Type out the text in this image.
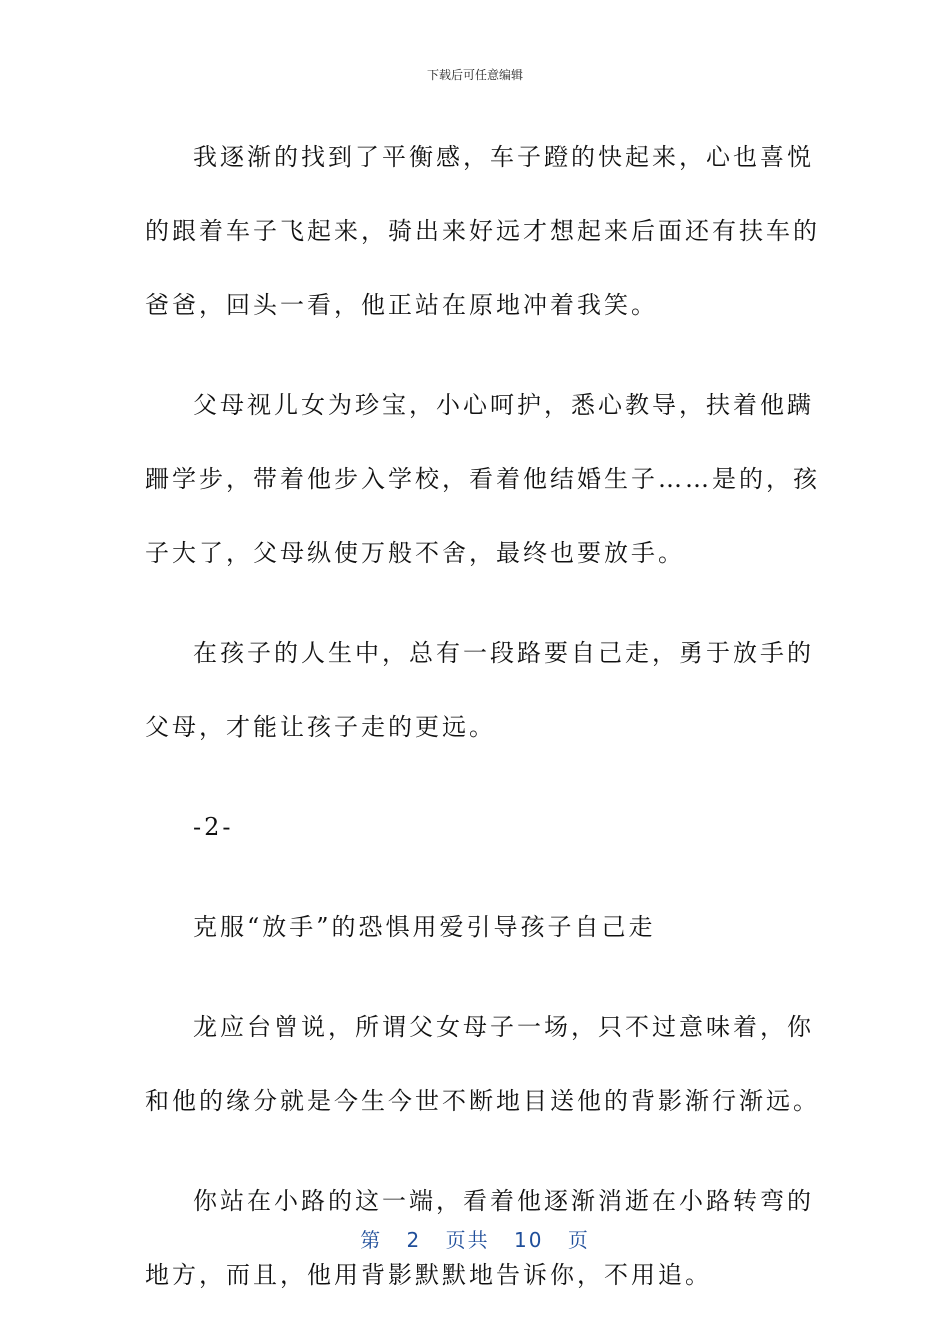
下载后可任意编辑

我逐渐的找到了平衡感，车子蹬的快起来，心也喜悦的跟着车子飞起来，骑出来好远才想起来后面还有扶车的爸爸，回头一看，他正站在原地冲着我笑。

父母视儿女为珍宝，小心呵护，悉心教导，扶着他蹒跚学步，带着他步入学校，看着他结婚生子……是的，孩子大了，父母纵使万般不舍，最终也要放手。

在孩子的人生中，总有一段路要自己走，勇于放手的父母，才能让孩子走的更远。

-2-

克服“放手”的恐惧用爱引导孩子自己走

龙应台曾说，所谓父女母子一场，只不过意味着，你和他的缘分就是今生今世不断地目送他的背影渐行渐远。

你站在小路的这一端，看着他逐渐消逝在小路转弯的地方，而且，他用背影默默地告诉你，不用追。

第 2 页共 10 页
